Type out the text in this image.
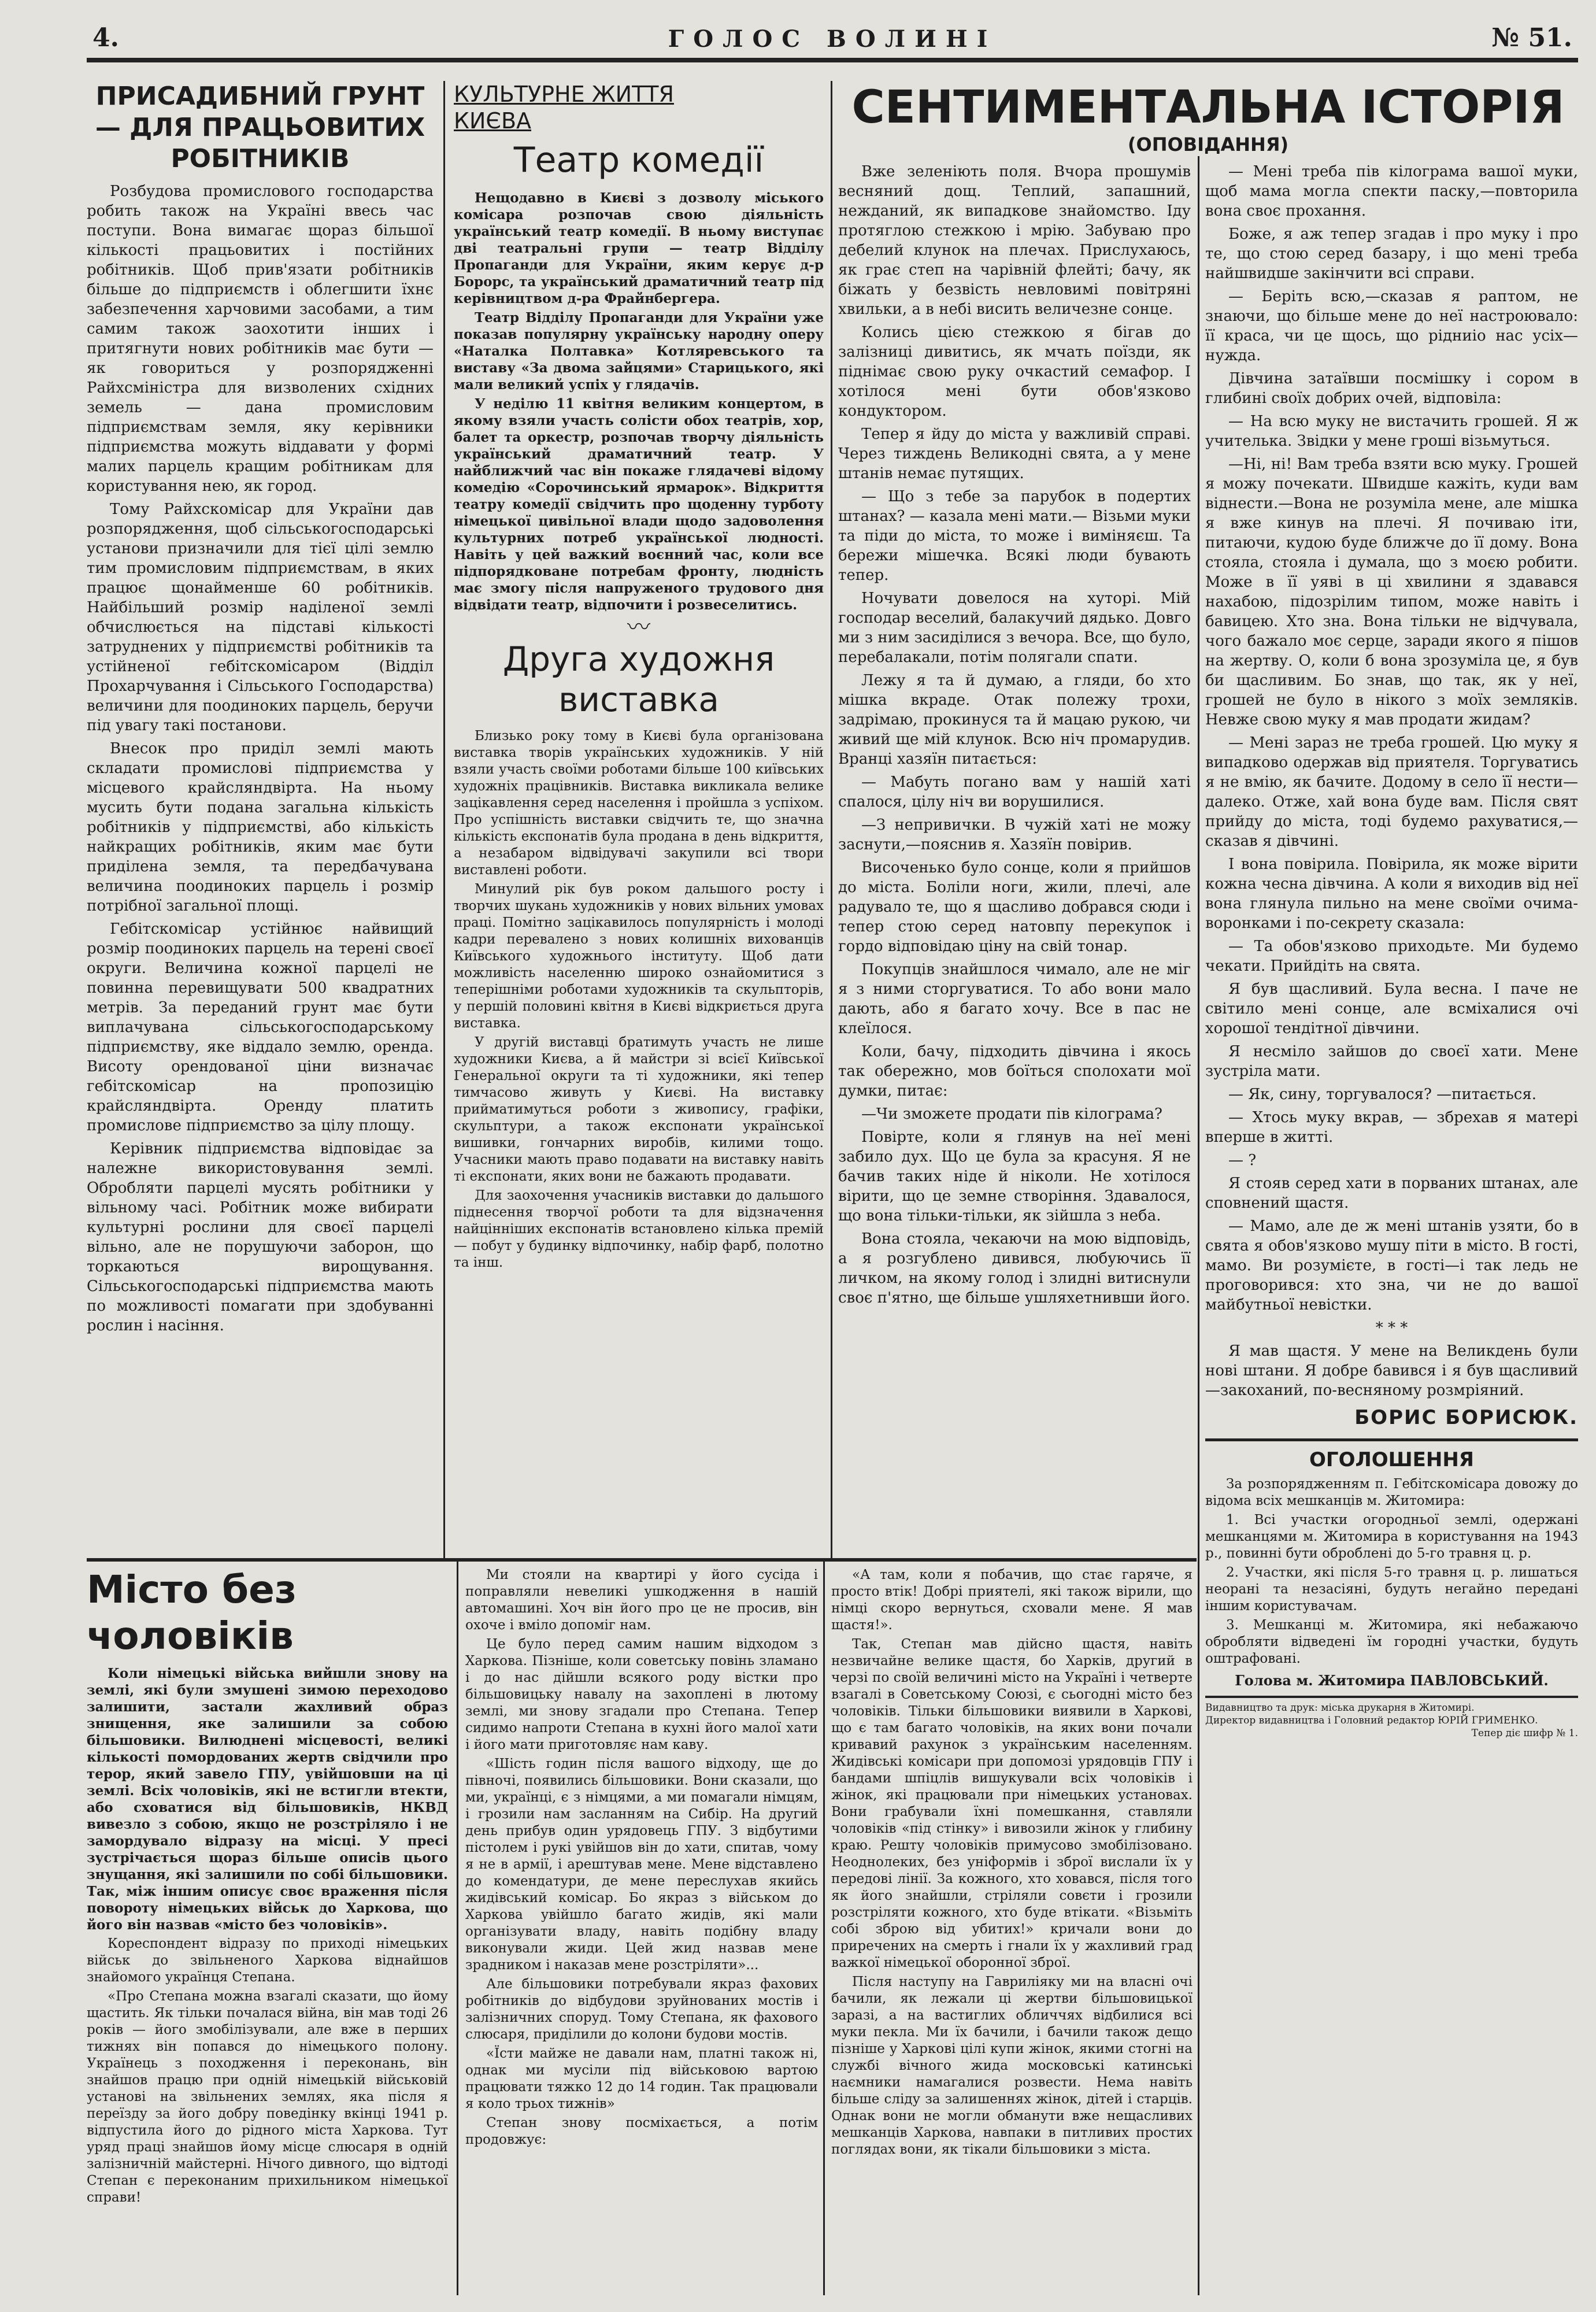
4.	ГОЛОС ВОЛИНІ	№ 51.
ПРИСАДИБНИЙ ГРУНТ — ДЛЯ ПРАЦЬОВИТИХ РОБІТНИКІВ

Розбудова промислового господарства робить також на Україні ввесь час поступи. Вона вимагає щораз більшої кількості працьовитих і постійних робітників. Щоб прив'язати робітників більше до підприємств і облегшити їхнє забезпечення харчовими засобами, а тим самим також заохотити інших і притягнути нових робітників має бути — як говориться у розпорядженні Райхсміністра для визволених східних земель — дана промисловим підприємствам земля, яку керівники підприємства можуть віддавати у формі малих парцель кращим робітникам для користування нею, як город.

Тому Райхскомісар для України дав розпорядження, щоб сільськогосподарські установи призначили для тієї цілі землю тим промисловим підприємствам, в яких працює щонайменше 60 робітників. Найбільший розмір наділеної землі обчислюється на підставі кількості затруднених у підприємстві робітників та устійненої гебітскомісаром (Відділ Прохарчування і Сільського Господарства) величини для поодиноких парцель, беручи під увагу такі постанови.

Внесок про приділ землі мають складати промислові підприємства у місцевого крайсляндвірта. На ньому мусить бути подана загальна кількість робітників у підприємстві, або кількість найкращих робітників, яким має бути приділена земля, та передбачувана величина поодиноких парцель і розмір потрібної загальної площі.

Гебітскомісар устійнює найвищий розмір поодиноких парцель на терені своєї округи. Величина кожної парцелі не повинна перевищувати 500 квадратних метрів. За переданий грунт має бути виплачувана сільськогосподарському підприємству, яке віддало землю, оренда. Висоту орендованої ціни визначає гебітскомісар на пропозицію крайсляндвірта. Оренду платить промислове підприємство за цілу площу.

Керівник підприємства відповідає за належне використовування землі. Обробляти парцелі мусять робітники у вільному часі. Робітник може вибирати культурні рослини для своєї парцелі вільно, але не порушуючи заборон, що торкаються вирощування. Сільськогосподарські підприємства мають по можливості помагати при здобуванні рослин і насіння.

КУЛЬТУРНЕ ЖИТТЯ
КИЄВА
Театр комедії

Нещодавно в Києві з дозволу міського комісара розпочав свою діяльність український театр комедії. В ньому виступає дві театральні групи — театр Відділу Пропаганди для України, яким керує д-р Борорс, та український драматичний театр під керівництвом д-ра Фрайнбергера.

Театр Відділу Пропаганди для України уже показав популярну українську народну оперу «Наталка Полтавка» Котляревського та виставу «За двома зайцями» Старицького, які мали великий успіх у глядачів.

У неділю 11 квітня великим концертом, в якому взяли участь солісти обох театрів, хор, балет та оркестр, розпочав творчу діяльність український драматичний театр. У найближчий час він покаже глядачеві відому комедію «Сорочинський ярмарок». Відкриття театру комедії свідчить про щоденну турботу німецької цивільної влади щодо задоволення культурних потреб української людності. Навіть у цей важкий воєнний час, коли все підпорядковане потребам фронту, людність має змогу після напруженого трудового дня відвідати театр, відпочити і розвеселитись.

〰
Друга художня
виставка

Близько року тому в Києві була організована виставка творів українських художників. У ній взяли участь своїми роботами більше 100 київських художніх працівників. Виставка викликала велике зацікавлення серед населення і пройшла з успіхом. Про успішність виставки свідчить те, що значна кількість експонатів була продана в день відкриття, а незабаром відвідувачі закупили всі твори виставлені роботи.

Минулий рік був роком дальшого росту і творчих шукань художників у нових вільних умовах праці. Помітно зацікавилось популярність і молоді кадри перевалено з нових колишніх вихованців Київського художнього інституту. Щоб дати можливість населенню широко ознайомитися з теперішніми роботами художників та скульпторів, у першій половині квітня в Києві відкриється друга виставка.

У другій виставці братимуть участь не лише художники Києва, а й майстри зі всієї Київської Генеральної округи та ті художники, які тепер тимчасово живуть у Києві. На виставку прийматимуться роботи з живопису, графіки, скульптури, а також експонати української вишивки, гончарних виробів, килими тощо. Учасники мають право подавати на виставку навіть ті експонати, яких вони не бажають продавати.

Для заохочення учасників виставки до дальшого піднесення творчої роботи та для відзначення найцінніших експонатів встановлено кілька премій — побут у будинку відпочинку, набір фарб, полотно та інш.

СЕНТИМЕНТАЛЬНА ІСТОРІЯ
(ОПОВІДАННЯ)

Вже зеленіють поля. Вчора прошумів весняний дощ. Теплий, запашний, нежданий, як випадкове знайомство. Іду протяглою стежкою і мрію. Забуваю про дебелий клунок на плечах. Прислухаюсь, як грає степ на чарівній флейті; бачу, як біжать у безвість невловимі повітряні хвильки, а в небі висить величезне сонце.

Колись цією стежкою я бігав до залізниці дивитись, як мчать поїзди, як піднімає свою руку очкастий семафор. І хотілося мені бути обов'язково кондуктором.

Тепер я йду до міста у важливій справі. Через тиждень Великодні свята, а у мене штанів немає путящих.

— Що з тебе за парубок в подертих штанах? — казала мені мати.— Візьми муки та піди до міста, то може і виміняєш. Та бережи мішечка. Всякі люди бувають тепер.

Ночувати довелося на хуторі. Мій господар веселий, балакучий дядько. Довго ми з ним засиділися з вечора. Все, що було, перебалакали, потім полягали спати.

Лежу я та й думаю, а гляди, бо хто мішка вкраде. Отак полежу трохи, задрімаю, прокинуся та й мацаю рукою, чи живий ще мій клунок. Всю ніч промарудив. Вранці хазяїн питається:

— Мабуть погано вам у нашій хаті спалося, цілу ніч ви ворушилися.

—З непривички. В чужій хаті не можу заснути,—пояснив я. Хазяїн повірив.

Височенько було сонце, коли я прийшов до міста. Боліли ноги, жили, плечі, але радувало те, що я щасливо добрався сюди і тепер стою серед натовпу перекупок і гордо відповідаю ціну на свій тонар.

Покупців знайшлося чимало, але не міг я з ними сторгуватися. То або вони мало дають, або я багато хочу. Все в пас не клеїлося.

Коли, бачу, підходить дівчина і якось так обережно, мов боїться сполохати мої думки, питає:

—Чи зможете продати пів кілограма?

Повірте, коли я глянув на неї мені забило дух. Що це була за красуня. Я не бачив таких ніде й ніколи. Не хотілося вірити, що це земне створіння. Здавалося, що вона тільки-тільки, як зійшла з неба.

Вона стояла, чекаючи на мою відповідь, а я розгублено дивився, любуючись її личком, на якому голод і злидні витиснули своє п'ятно, ще більше ушляхетнивши його.

— Мені треба пів кілограма вашої муки, щоб мама могла спекти паску,—повторила вона своє прохання.

Боже, я аж тепер згадав і про муку і про те, що стою серед базару, і що мені треба найшвидше закінчити всі справи.

— Беріть всю,—сказав я раптом, не знаючи, що більше мене до неї настроювало: її краса, чи це щось, що рідниіо нас усіх—нужда.

Дівчина затаївши посмішку і сором в глибині своїх добрих очей, відповіла:

— На всю муку не вистачить грошей. Я ж учителька. Звідки у мене гроші візьмуться.

—Ні, ні! Вам треба взяти всю муку. Грошей я можу почекати. Швидше кажіть, куди вам віднести.—Вона не розуміла мене, але мішка я вже кинув на плечі. Я почиваю іти, питаючи, кудою буде ближче до її дому. Вона стояла, стояла і думала, що з моєю робити. Може в її уяві в ці хвилини я здавався нахабою, підозрілим типом, може навіть і бавицею. Хто зна. Вона тільки не відчувала, чого бажало моє серце, заради якого я пішов на жертву. О, коли б вона зрозуміла це, я був би щасливим. Бо знав, що так, як у неї, грошей не було в нікого з моїх земляків. Невже свою муку я мав продати жидам?

— Мені зараз не треба грошей. Цю муку я випадково одержав від приятеля. Торгуватись я не вмію, як бачите. Додому в село її нести—далеко. Отже, хай вона буде вам. Після свят прийду до міста, тоді будемо рахуватися,—сказав я дівчині.

І вона повірила. Повірила, як може вірити кожна чесна дівчина. А коли я виходив від неї вона глянула пильно на мене своїми очима-воронками і по-секрету сказала:

— Та обов'язково приходьте. Ми будемо чекати. Прийдіть на свята.

Я був щасливий. Була весна. І паче не світило мені сонце, але всміхалися очі хорошої тендітної дівчини.

Я несміло зайшов до своєї хати. Мене зустріла мати.

— Як, сину, торгувалося? —питається.

— Хтось муку вкрав, — збрехав я матері вперше в житті.

— ?

Я стояв серед хати в порваних штанах, але сповнений щастя.

— Мамо, але де ж мені штанів узяти, бо в свята я обов'язково мушу піти в місто. В гості, мамо. Ви розумієте, в гості—і так ледь не проговорився: хто зна, чи не до вашої майбутньої невістки.

* * *

Я мав щастя. У мене на Великдень були нові штани. Я добре бавився і я був щасливий—закоханий, по-весняному розмріяний.

БОРИС БОРИСЮК.
ОГОЛОШЕННЯ

За розпорядженням п. Гебітскомісара довожу до відома всіх мешканців м. Житомира:

1. Всі участки огородньої землі, одержані мешканцями м. Житомира в користування на 1943 р., повинні бути оброблені до 5-го травня ц. р.

2. Участки, які після 5-го травня ц. р. лишаться неорані та незасіяні, будуть негайно передані іншим користувачам.

3. Мешканці м. Житомира, які небажаючо обробляти відведені їм городні участки, будуть оштрафовані.

Голова м. Житомира ПАВЛОВСЬКИЙ.
Видавництво та друк: міська друкарня в Житомирі.
Директор видавництва і Головний редактор ЮРІЙ ГРИМЕНКО.
Тепер діє шифр № 1.
Місто без чоловіків

Коли німецькі війська вийшли знову на землі, які були змушені зимою переходово залишити, застали жахливий образ знищення, яке залишили за собою більшовики. Вилюднені місцевості, великі кількості помордованих жертв свідчили про терор, який завело ГПУ, увійшовши на ці землі. Всіх чоловіків, які не встигли втекти, або сховатися від більшовиків, НКВД вивезло з собою, якщо не розстріляло і не замордувало відразу на місці. У пресі зустрічається щораз більше описів цього знущання, які залишили по собі більшовики. Так, між іншим описує своє враження після повороту німецьких військ до Харкова, що його він назвав «місто без чоловіків».

Кореспондент відразу по приході німецьких військ до звільненого Харкова віднайшов знайомого українця Степана.

«Про Степана можна взагалі сказати, що йому щастить. Як тільки почалася війна, він мав тоді 26 років — його змобілізували, але вже в перших тижнях він попався до німецького полону. Українець з походження і переконань, він знайшов працю при одній німецькій військовій установі на звільнених землях, яка після я переїзду за його добру поведінку вкінці 1941 р. відпустила його до рідного міста Харкова. Тут уряд праці знайшов йому місце слюсаря в одній залізничній майстерні. Нічого дивного, що відтоді Степан є переконаним прихильником німецької справи!

Ми стояли на квартирі у його сусіда і поправляли невеликі ушкодження в нашій автомашині. Хоч він його про це не просив, він охоче і вміло допоміг нам.

Це було перед самим нашим відходом з Харкова. Пізніше, коли советську повінь зламано і до нас дійшли всякого роду вістки про більшовицьку навалу на захоплені в лютому землі, ми знову згадали про Степана. Тепер сидимо напроти Степана в кухні його малої хати і його мати приготовляє нам каву.

«Шість годин після вашого відходу, ще до півночі, появились більшовики. Вони сказали, що ми, українці, є з німцями, а ми помагали німцям, і грозили нам засланням на Сибір. На другий день прибув один урядовець ГПУ. З відбутими пістолем і рукі увійшов він до хати, спитав, чому я не в армії, і арештував мене. Мене відставлено до комендатури, де мене переслухав якийсь жидівський комісар. Бо якраз з військом до Харкова увійшло багато жидів, які мали організувати владу, навіть подібну владу виконували жиди. Цей жид назвав мене зрадником і наказав мене розстріляти»...

Але більшовики потребували якраз фахових робітників до відбудови зруйнованих мостів і залізничних споруд. Тому Степана, як фахового слюсаря, приділили до колони будови мостів.

«Їсти майже не давали нам, платні також ні, однак ми мусіли під військовою вартою працювати тяжко 12 до 14 годин. Так працювали я коло трьох тижнів»

Степан знову посміхається, а потім продовжує:

«А там, коли я побачив, що стає гаряче, я просто втік! Добрі приятелі, які також вірили, що німці скоро вернуться, сховали мене. Я мав щастя!».

Так, Степан мав дійсно щастя, навіть незвичайне велике щастя, бо Харків, другий в черзі по своїй величині місто на Україні і четверте взагалі в Советському Союзі, є сьогодні місто без чоловіків. Тільки більшовики виявили в Харкові, що є там багато чоловіків, на яких вони почали кривавий рахунок з українським населенням. Жидівські комісари при допомозі урядовців ГПУ і бандами шпіцлів вишукували всіх чоловіків і жінок, які працювали при німецьких установах. Вони грабували їхні помешкання, ставляли чоловіків «під стінку» і вивозили жінок у глибину краю. Решту чоловіків примусово змобілізовано. Неоднолеких, без уніформів і зброї вислали їх у передові лінії. За кожного, хто ховався, після того як його знайшли, стріляли совєти і грозили розстріляти кожного, хто буде втікати. «Візьміть собі зброю від убитих!» кричали вони до приречених на смерть і гнали їх у жахливий град важкої німецької оборонної зброї.

Після наступу на Гавриліяку ми на власні очі бачили, як лежали ці жертви більшовицької заразі, а на вастиглих обличчях відбилися всі муки пекла. Ми їх бачили, і бачили також дещо пізніше у Харкові цілі купи жінок, якими стогні на службі вічного жида московські катинські наємники намагалися розвести. Нема навіть більше сліду за залишеннях жінок, дітей і старців. Однак вони не могли обманути вже нещасливих мешканців Харкова, навпаки в питливих простих поглядах вони, як тікали більшовики з міста.
